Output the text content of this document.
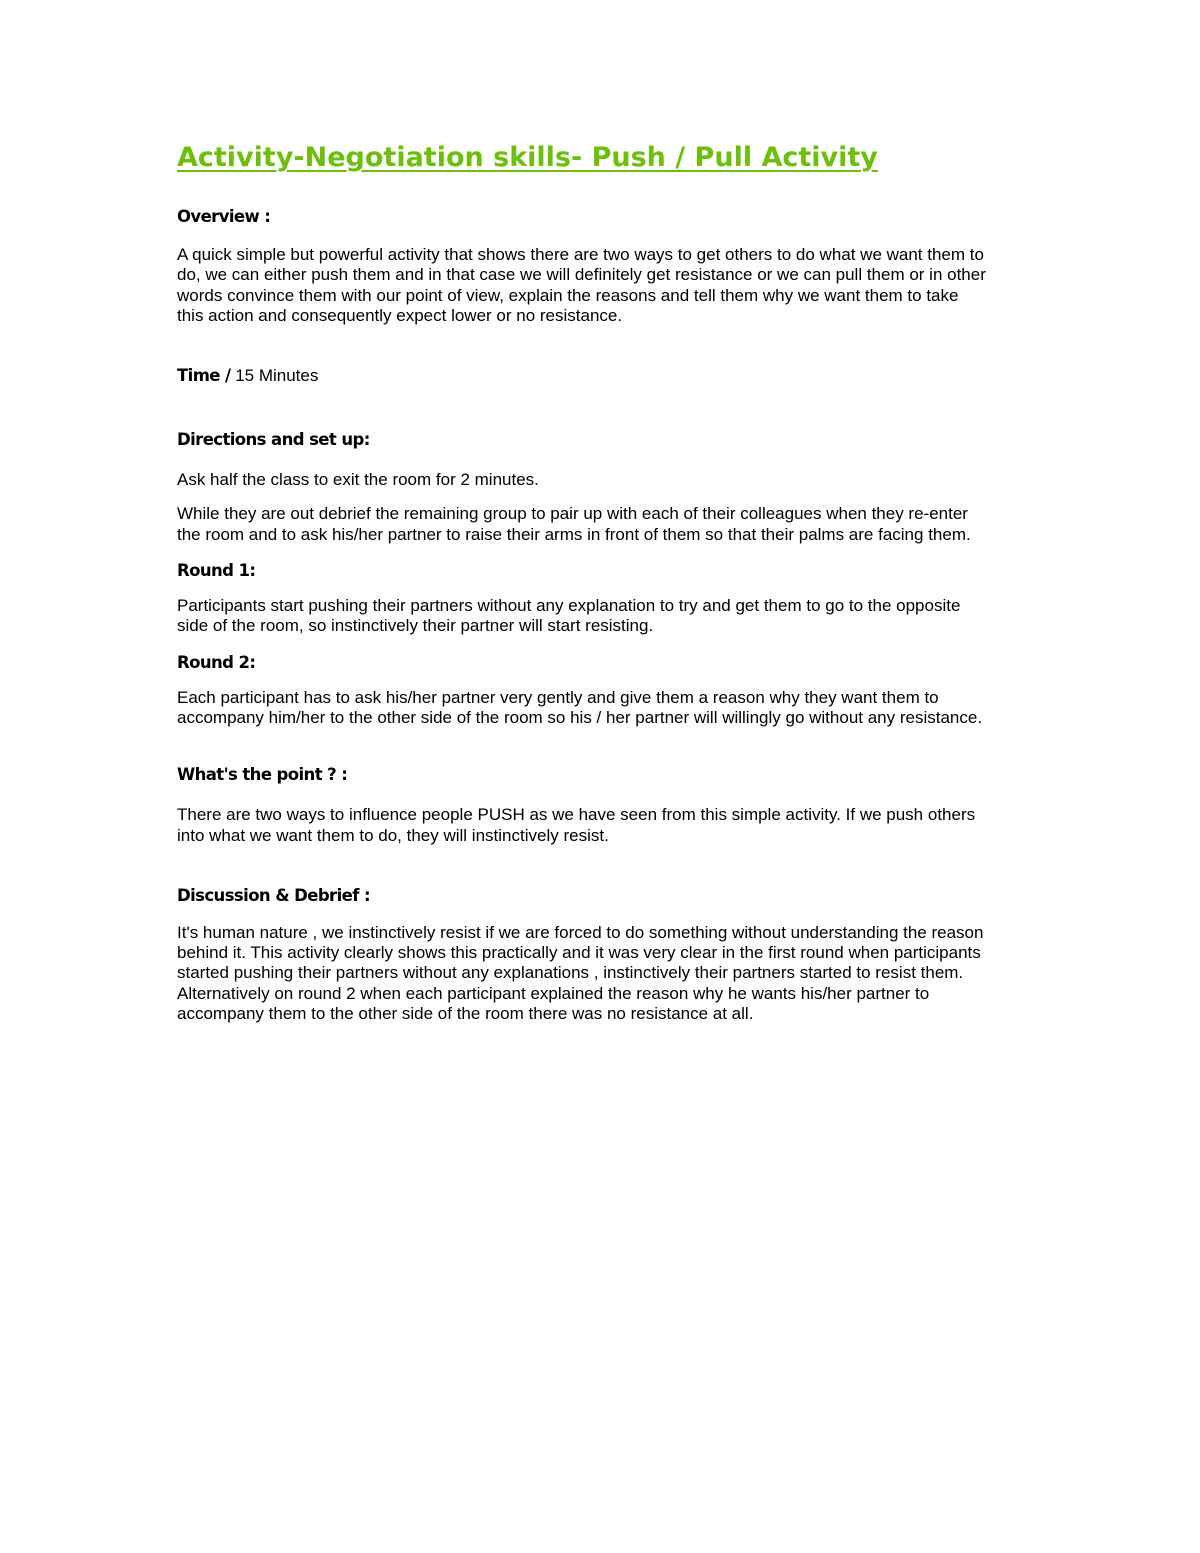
Activity-Negotiation skills- Push / Pull Activity
Overview :
A quick simple but powerful activity that shows there are two ways to get others to do what we want them to
do, we can either push them and in that case we will definitely get resistance or we can pull them or in other
words convince them with our point of view, explain the reasons and tell them why we want them to take
this action and consequently expect lower or no resistance.
Time / 15 Minutes
Directions and set up:
Ask half the class to exit the room for 2 minutes.
While they are out debrief the remaining group to pair up with each of their colleagues when they re-enter
the room and to ask his/her partner to raise their arms in front of them so that their palms are facing them.
Round 1:
Participants start pushing their partners without any explanation to try and get them to go to the opposite
side of the room, so instinctively their partner will start resisting.
Round 2:
Each participant has to ask his/her partner very gently and give them a reason why they want them to
accompany him/her to the other side of the room so his / her partner will willingly go without any resistance.
What's the point ? :
There are two ways to influence people PUSH as we have seen from this simple activity. If we push others
into what we want them to do, they will instinctively resist.
Discussion & Debrief :
It's human nature , we instinctively resist if we are forced to do something without understanding the reason
behind it. This activity clearly shows this practically and it was very clear in the first round when participants
started pushing their partners without any explanations , instinctively their partners started to resist them.
Alternatively on round 2 when each participant explained the reason why he wants his/her partner to
accompany them to the other side of the room there was no resistance at all.
